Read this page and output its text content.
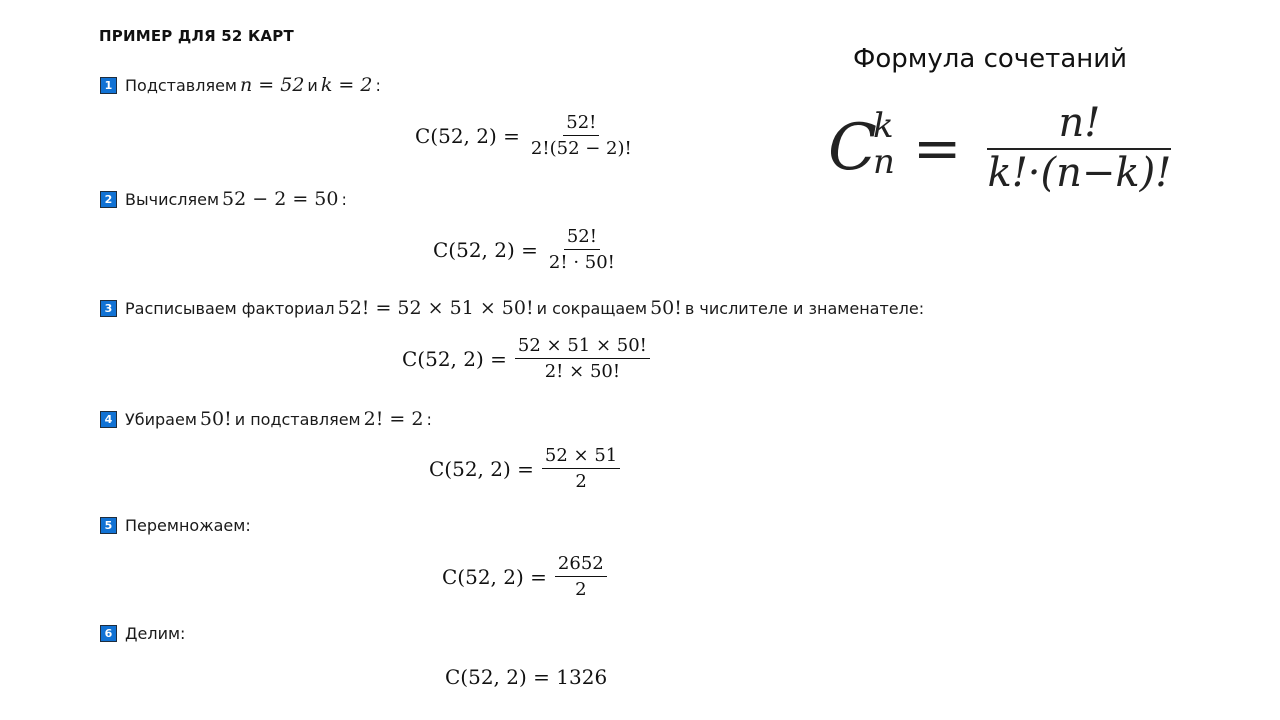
ПРИМЕР ДЛЯ 52 КАРТ
1 Подставляем n = 52 и k = 2 :
C(52, $2) = \frac{52!}{2!(52 - 2)!}$
2 Вычисляем 52 − 2 = 50 :
C(52, $2) = \frac{52!}{2! \cdot 50!}$
3 Расписываем факториал 52! = 52 × 51 × 50! и сокращаем 50! в числителе и знаменателе:
C(52, $2) = \frac{52 \times 51 \times 50!}{2! \times 50!}$
4 Убираем 50! и подставляем 2! = 2 :
C(52, $2) = \frac{52 \times 51}{2}$
5 Перемножаем:
C(52, $2) = \frac{2652}{2}$
6 Делим:
C(52, 2) = 1326
Формула сочетаний
C
k
$n = \frac{n!}{k!\cdot(n-k)!}$
